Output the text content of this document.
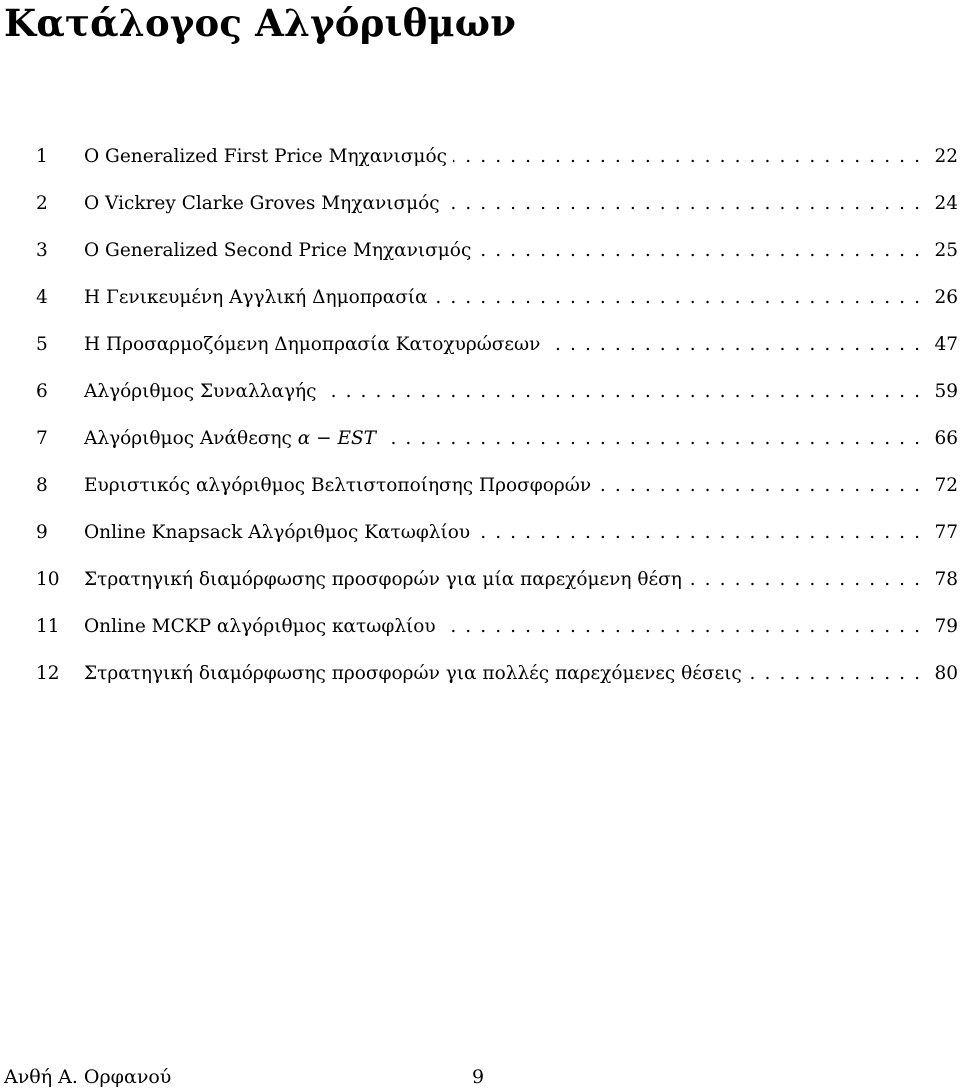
Κατάλογος Αλγόριθμων
1	Ο Generalized First Price Μηχανισμός . . .	22
2	Ο Vickrey Clarke Groves Μηχανισμός . . .	24
3	Ο Generalized Second Price Μηχανισμός . . .	25
4	Η Γενικευμένη Αγγλική Δημοπρασία . . .	26
5	Η Προσαρμοζόμενη Δημοπρασία Κατοχυρώσεων . . .	47
6	Αλγόριθμος Συναλλαγής . . .	59
7	Αλγόριθμος Ανάθεσης α − EST . . .	66
8	Ευριστικός αλγόριθμος Βελτιστοποίησης Προσφορών . . .	72
9	Online Knapsack Αλγόριθμος Κατωφλίου . . .	77
10	Στρατηγική διαμόρφωσης προσφορών για μία παρεχόμενη θέση . . .	78
11	Online MCKP αλγόριθμος κατωφλίου . . .	79
12	Στρατηγική διαμόρφωσης προσφορών για πολλές παρεχόμενες θέσεις . . .	80
Ανθή Α. Ορφανού	9
